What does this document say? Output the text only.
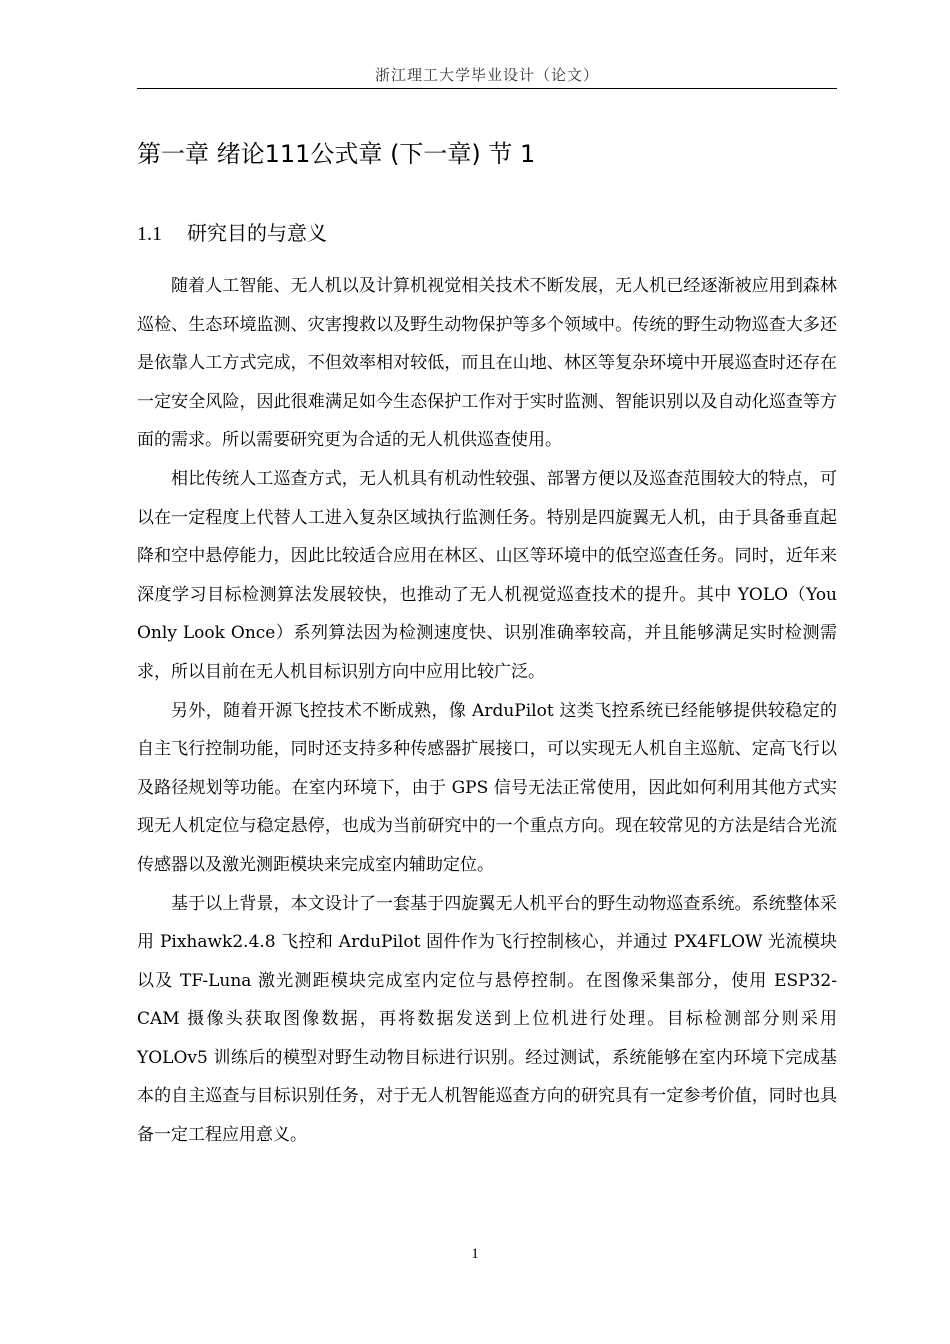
浙江理工大学毕业设计（论文）
第一章 绪论111公式章 (下一章) 节 1
1.1 研究目的与意义

随着人工智能、无人机以及计算机视觉相关技术不断发展，无人机已经逐渐被应用到森林巡检、生态环境监测、灾害搜救以及野生动物保护等多个领域中。传统的野生动物巡查大多还是依靠人工方式完成，不但效率相对较低，而且在山地、林区等复杂环境中开展巡查时还存在一定安全风险，因此很难满足如今生态保护工作对于实时监测、智能识别以及自动化巡查等方面的需求。所以需要研究更为合适的无人机供巡查使用。

相比传统人工巡查方式，无人机具有机动性较强、部署方便以及巡查范围较大的特点，可以在一定程度上代替人工进入复杂区域执行监测任务。特别是四旋翼无人机，由于具备垂直起降和空中悬停能力，因此比较适合应用在林区、山区等环境中的低空巡查任务。同时，近年来深度学习目标检测算法发展较快，也推动了无人机视觉巡查技术的提升。其中 YOLO（You Only Look Once）系列算法因为检测速度快、识别准确率较高，并且能够满足实时检测需求，所以目前在无人机目标识别方向中应用比较广泛。

另外，随着开源飞控技术不断成熟，像 ArduPilot 这类飞控系统已经能够提供较稳定的自主飞行控制功能，同时还支持多种传感器扩展接口，可以实现无人机自主巡航、定高飞行以及路径规划等功能。在室内环境下，由于 GPS 信号无法正常使用，因此如何利用其他方式实现无人机定位与稳定悬停，也成为当前研究中的一个重点方向。现在较常见的方法是结合光流传感器以及激光测距模块来完成室内辅助定位。

基于以上背景，本文设计了一套基于四旋翼无人机平台的野生动物巡查系统。系统整体采用 Pixhawk2.4.8 飞控和 ArduPilot 固件作为飞行控制核心，并通过 PX4FLOW 光流模块以及 TF-Luna 激光测距模块完成室内定位与悬停控制。在图像采集部分，使用 ESP32-CAM 摄像头获取图像数据，再将数据发送到上位机进行处理。目标检测部分则采用 YOLOv5 训练后的模型对野生动物目标进行识别。经过测试，系统能够在室内环境下完成基本的自主巡查与目标识别任务，对于无人机智能巡查方向的研究具有一定参考价值，同时也具备一定工程应用意义。

1
